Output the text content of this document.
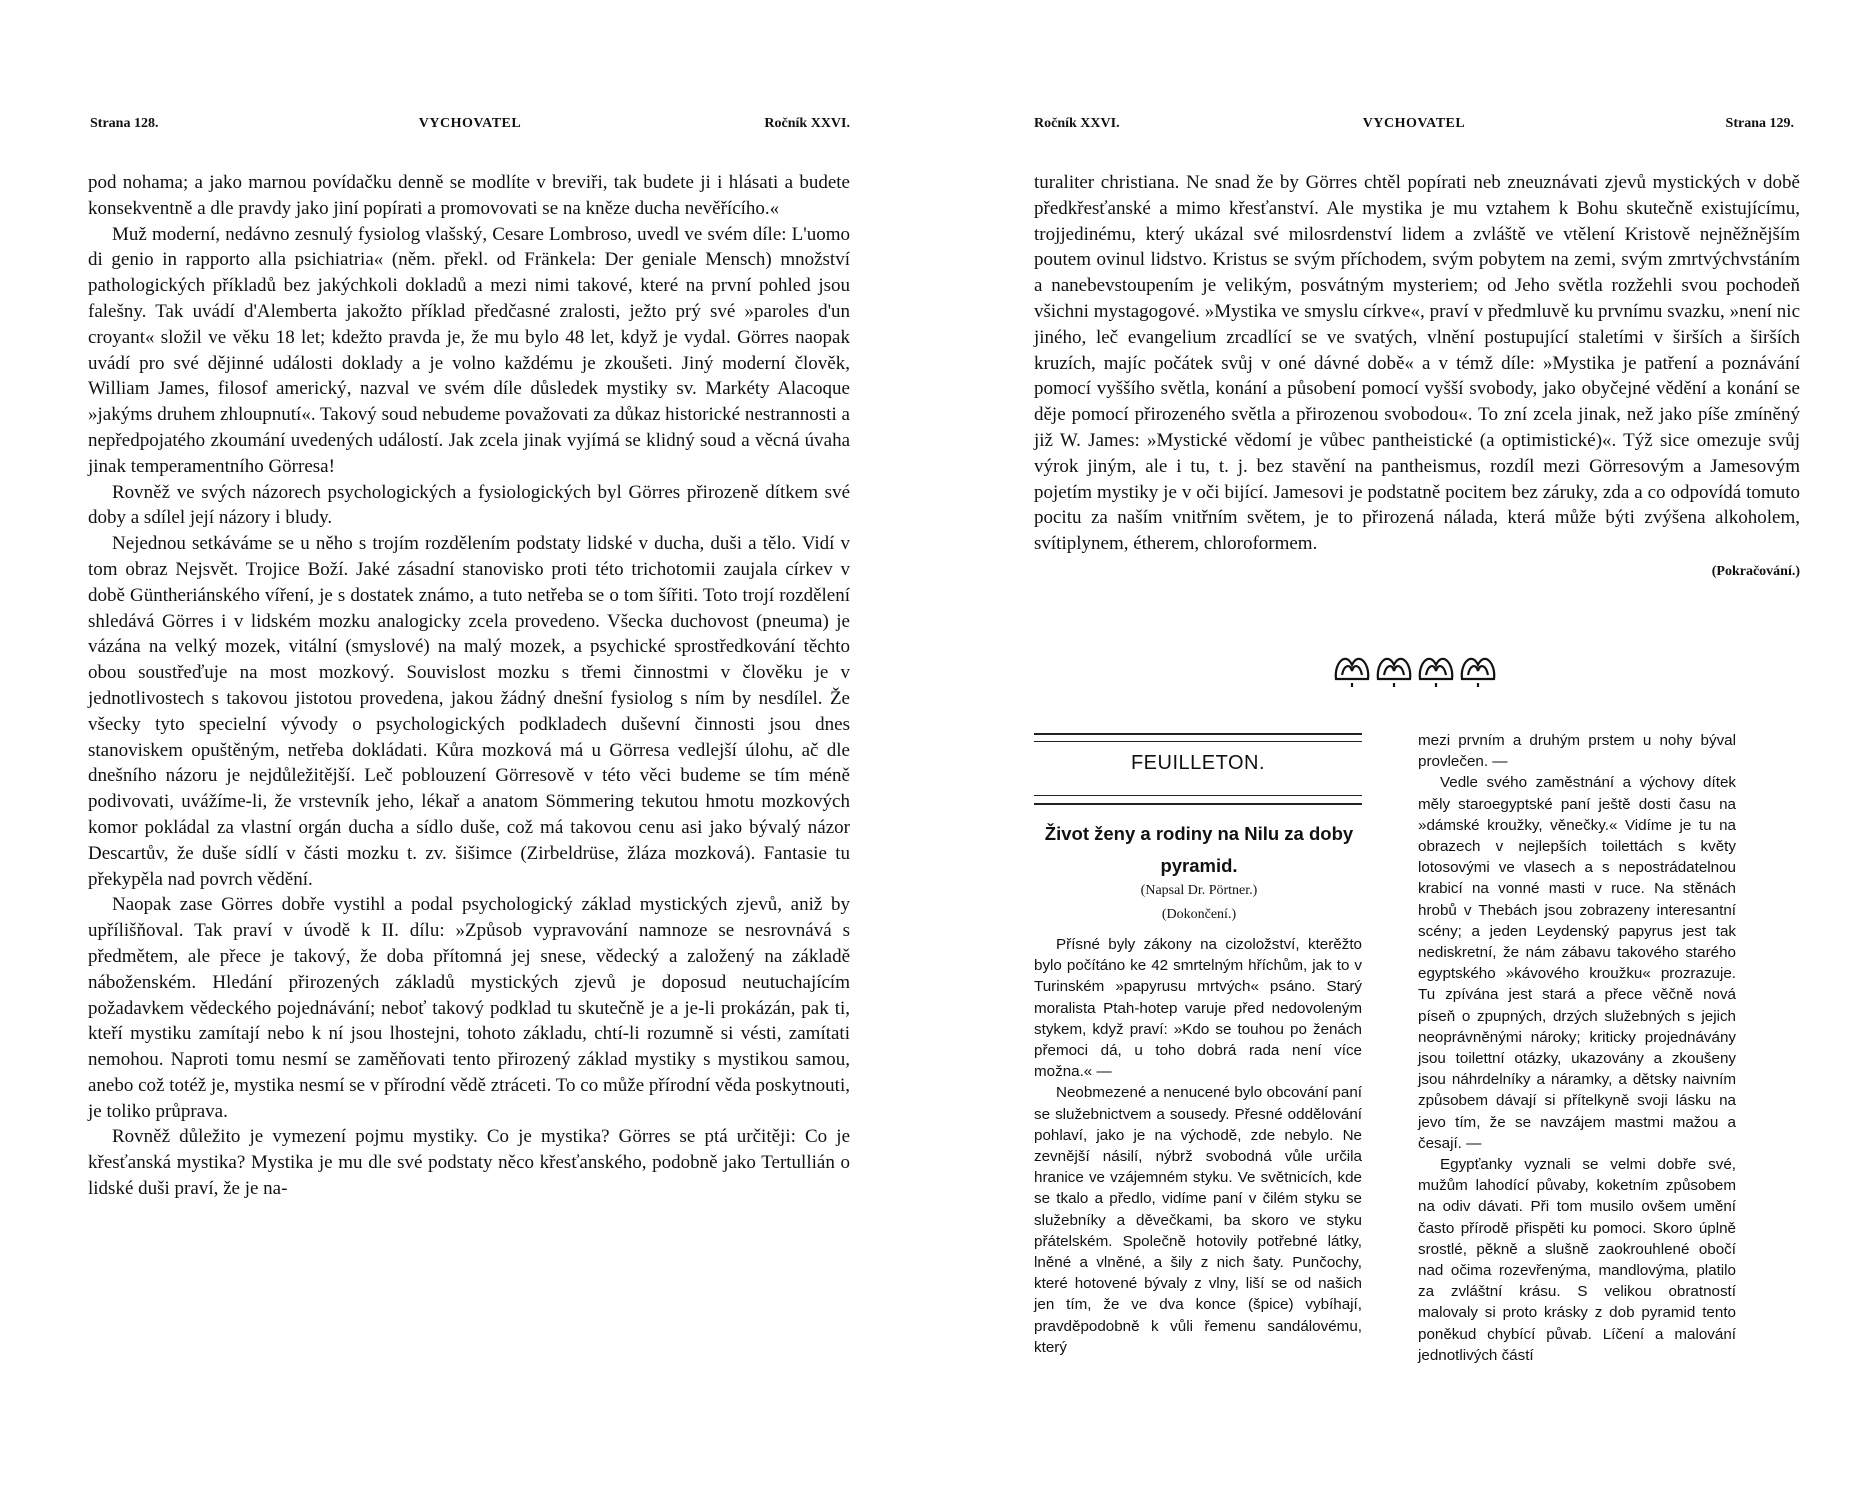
Strana 128.	VYCHOVATEL	Ročník XXVI.

pod nohama; a jako marnou povídačku denně se modlíte v breviři, tak budete ji i hlásati a budete konsekventně a dle pravdy jako jiní popírati a promovovati se na kněze ducha nevěřícího.«

Muž moderní, nedávno zesnulý fysiolog vlašský, Cesare Lombroso, uvedl ve svém díle: L'uomo di genio in rapporto alla psichiatria« (něm. překl. od Fränkela: Der geniale Mensch) množství pathologických příkladů bez jakýchkoli dokladů a mezi nimi takové, které na první pohled jsou falešny. Tak uvádí d'Alemberta jakožto příklad předčasné zralosti, ježto prý své »paroles d'un croyant« složil ve věku 18 let; kdežto pravda je, že mu bylo 48 let, když je vydal. Görres naopak uvádí pro své dějinné události doklady a je volno každému je zkoušeti. Jiný moderní člověk, William James, filosof americký, nazval ve svém díle důsledek mystiky sv. Markéty Alacoque »jakýms druhem zhloupnutí«. Takový soud nebudeme považovati za důkaz historické nestrannosti a nepředpojatého zkoumání uvedených událostí. Jak zcela jinak vyjímá se klidný soud a věcná úvaha jinak temperamentního Görresa!

Rovněž ve svých názorech psychologických a fysiologických byl Görres přirozeně dítkem své doby a sdílel její názory i bludy.

Nejednou setkáváme se u něho s trojím rozdělením podstaty lidské v ducha, duši a tělo. Vidí v tom obraz Nejsvět. Trojice Boží. Jaké zásadní stanovisko proti této trichotomii zaujala církev v době Güntheriánského víření, je s dostatek známo, a tuto netřeba se o tom šířiti. Toto trojí rozdělení shledává Görres i v lidském mozku analogicky zcela provedeno. Všecka duchovost (pneuma) je vázána na velký mozek, vitální (smyslové) na malý mozek, a psychické sprostředkování těchto obou soustřeďuje na most mozkový. Souvislost mozku s třemi činnostmi v člověku je v jednotlivostech s takovou jistotou provedena, jakou žádný dnešní fysiolog s ním by nesdílel. Že všecky tyto specielní vývody o psychologických podkladech duševní činnosti jsou dnes stanoviskem opuštěným, netřeba dokládati. Kůra mozková má u Görresa vedlejší úlohu, ač dle dnešního názoru je nejdůležitější. Leč poblouzení Görresově v této věci budeme se tím méně podivovati, uvážíme-li, že vrstevník jeho, lékař a anatom Sömmering tekutou hmotu mozkových komor pokládal za vlastní orgán ducha a sídlo duše, což má takovou cenu asi jako bývalý názor Descartův, že duše sídlí v části mozku t. zv. šišimce (Zirbeldrüse, žláza mozková). Fantasie tu překypěla nad povrch vědění.

Naopak zase Görres dobře vystihl a podal psychologický základ mystických zjevů, aniž by upřílišňoval. Tak praví v úvodě k II. dílu: »Způsob vypravování namnoze se nesrovnává s předmětem, ale přece je takový, že doba přítomná jej snese, vědecký a založený na základě náboženském. Hledání přirozených základů mystických zjevů je doposud neutuchajícím požadavkem vědeckého pojednávání; neboť takový podklad tu skutečně je a je-li prokázán, pak ti, kteří mystiku zamítají nebo k ní jsou lhostejni, tohoto základu, chtí-li rozumně si vésti, zamítati nemohou. Naproti tomu nesmí se zaměňovati tento přirozený základ mystiky s mystikou samou, anebo což totéž je, mystika nesmí se v přírodní vědě ztráceti. To co může přírodní věda poskytnouti, je toliko průprava.

Rovněž důležito je vymezení pojmu mystiky. Co je mystika? Görres se ptá určitěji: Co je křesťanská mystika? Mystika je mu dle své podstaty něco křesťanského, podobně jako Tertullián o lidské duši praví, že je na-

Ročník XXVI.	VYCHOVATEL	Strana 129.

turaliter christiana. Ne snad že by Görres chtěl popírati neb zneuznávati zjevů mystických v době předkřesťanské a mimo křesťanství. Ale mystika je mu vztahem k Bohu skutečně existujícímu, trojjedinému, který ukázal své milosrdenství lidem a zvláště ve vtělení Kristově nejněžnějším poutem ovinul lidstvo. Kristus se svým příchodem, svým pobytem na zemi, svým zmrtvýchvstáním a nanebevstoupením je velikým, posvátným mysteriem; od Jeho světla rozžehli svou pochodeň všichni mystagogové. »Mystika ve smyslu církve«, praví v předmluvě ku prvnímu svazku, »není nic jiného, leč evangelium zrcadlící se ve svatých, vlnění postupující staletími v širších a širších kruzích, majíc počátek svůj v oné dávné době« a v témž díle: »Mystika je patření a poznávání pomocí vyššího světla, konání a působení pomocí vyšší svobody, jako obyčejné vědění a konání se děje pomocí přirozeného světla a přirozenou svobodou«. To zní zcela jinak, než jako píše zmíněný již W. James: »Mystické vědomí je vůbec pantheistické (a optimistické)«. Týž sice omezuje svůj výrok jiným, ale i tu, t. j. bez stavění na pantheismus, rozdíl mezi Görresovým a Jamesovým pojetím mystiky je v oči bijící. Jamesovi je podstatně pocitem bez záruky, zda a co odpovídá tomuto pocitu za naším vnitřním světem, je to přirozená nálada, která může býti zvýšena alkoholem, svítiplynem, étherem, chloroformem.

(Pokračování.)
FEUILLETON.
Život ženy a rodiny na Nilu za doby pyramid.
(Napsal Dr. Pörtner.)
(Dokončení.)

Přísné byly zákony na cizoložství, kterěžto bylo počítáno ke 42 smrtelným hříchům, jak to v Turinském »papyrusu mrtvých« psáno. Starý moralista Ptah-hotep varuje před nedovoleným stykem, když praví: »Kdo se touhou po ženách přemoci dá, u toho dobrá rada není více možna.« —

Neobmezené a nenucené bylo obcování paní se služebnictvem a sousedy. Přesné oddělování pohlaví, jako je na východě, zde nebylo. Ne zevnější násilí, nýbrž svobodná vůle určila hranice ve vzájemném styku. Ve světnicích, kde se tkalo a předlo, vidíme paní v čilém styku se služebníky a děvečkami, ba skoro ve styku přátelském. Společně hotovily potřebné látky, lněné a vlněné, a šily z nich šaty. Punčochy, které hotovené bývaly z vlny, liší se od našich jen tím, že ve dva konce (špice) vybíhají, pravděpodobně k vůli řemenu sandálovému, který

mezi prvním a druhým prstem u nohy býval provlečen. —

Vedle svého zaměstnání a výchovy dítek měly staroegyptské paní ještě dosti času na »dámské kroužky, věnečky.« Vidíme je tu na obrazech v nejlepších toilettách s květy lotosovými ve vlasech a s nepostrádatelnou krabicí na vonné masti v ruce. Na stěnách hrobů v Thebách jsou zobrazeny interesantní scény; a jeden Leydenský papyrus jest tak nediskretní, že nám zábavu takového starého egyptského »kávového kroužku« prozrazuje. Tu zpívána jest stará a přece věčně nová píseň o zpupných, drzých služebných s jejich neoprávněnými nároky; kriticky projednávány jsou toilettní otázky, ukazovány a zkoušeny jsou náhrdelníky a náramky, a dětsky naivním způsobem dávají si přítelkyně svoji lásku na jevo tím, že se navzájem mastmi mažou a česají. —

Egypťanky vyznali se velmi dobře své, mužům lahodící půvaby, koketním způsobem na odiv dávati. Při tom musilo ovšem umění často přírodě přispěti ku pomoci. Skoro úplně srostlé, pěkně a slušně zaokrouhlené obočí nad očima rozevřenýma, mandlovýma, platilo za zvláštní krásu. S velikou obratností malovaly si proto krásky z dob pyramid tento poněkud chybící půvab. Líčení a malování jednotlivých částí
